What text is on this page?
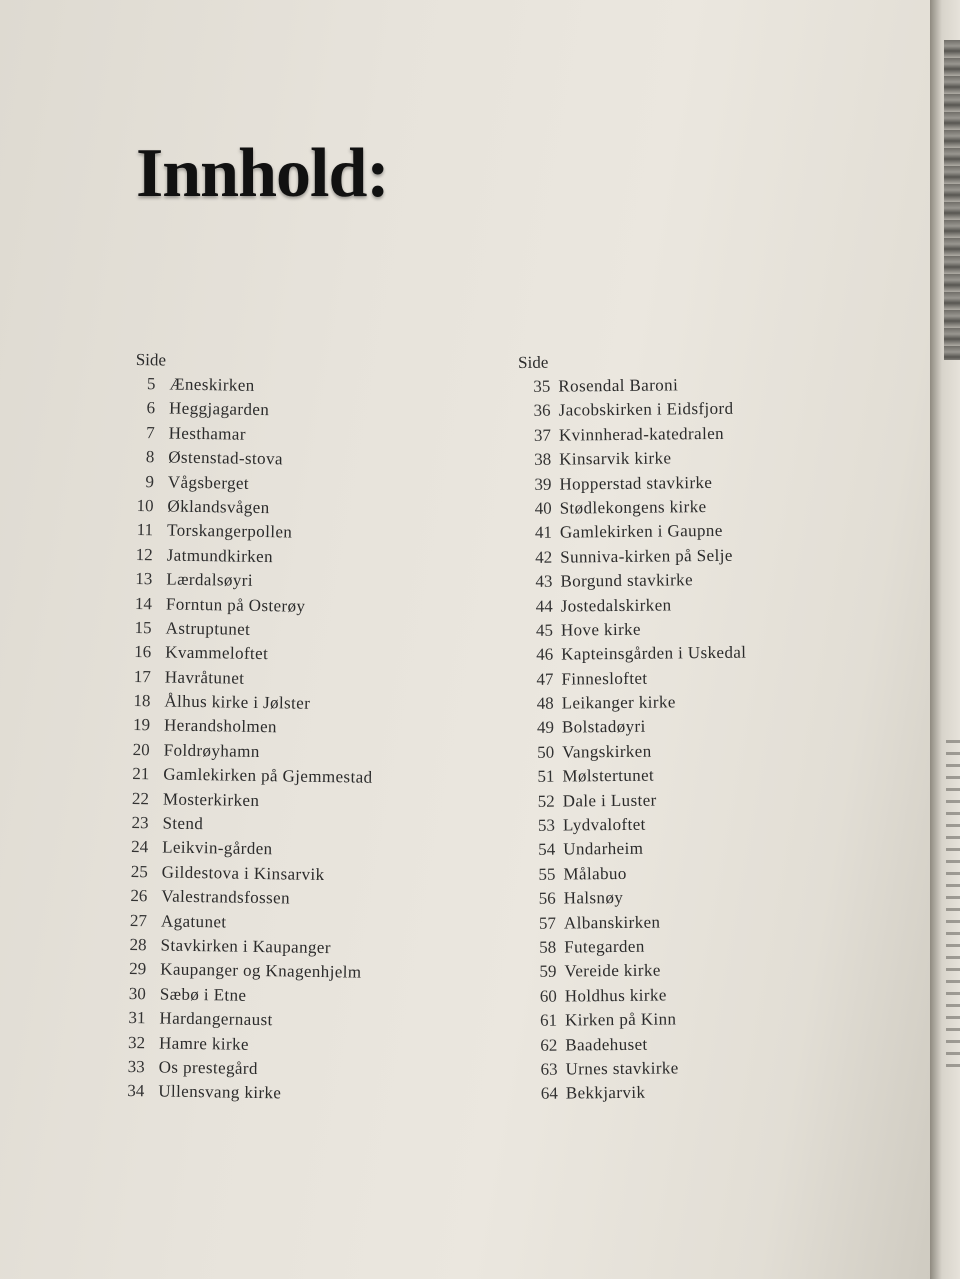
Innhold:
Side
5 Æneskirken
6 Heggjagarden
7 Hesthamar
8 Østenstad-stova
9 Vågsberget
10 Øklandsvågen
11 Torskangerpollen
12 Jatmundkirken
13 Lærdalsøyri
14 Forntun på Osterøy
15 Astruptunet
16 Kvammeloftet
17 Havråtunet
18 Ålhus kirke i Jølster
19 Herandsholmen
20 Foldrøyhamn
21 Gamlekirken på Gjemmestad
22 Mosterkirken
23 Stend
24 Leikvin-gården
25 Gildestova i Kinsarvik
26 Valestrandsfossen
27 Agatunet
28 Stavkirken i Kaupanger
29 Kaupanger og Knagenhjelm
30 Sæbø i Etne
31 Hardangernaust
32 Hamre kirke
33 Os prestegård
34 Ullensvang kirke
Side
35 Rosendal Baroni
36 Jacobskirken i Eidsfjord
37 Kvinnherad-katedralen
38 Kinsarvik kirke
39 Hopperstad stavkirke
40 Stødlekongens kirke
41 Gamlekirken i Gaupne
42 Sunniva-kirken på Selje
43 Borgund stavkirke
44 Jostedalskirken
45 Hove kirke
46 Kapteinsgården i Uskedal
47 Finnesloftet
48 Leikanger kirke
49 Bolstadøyri
50 Vangskirken
51 Mølstertunet
52 Dale i Luster
53 Lydvaloftet
54 Undarheim
55 Målabuo
56 Halsnøy
57 Albanskirken
58 Futegarden
59 Vereide kirke
60 Holdhus kirke
61 Kirken på Kinn
62 Baadehuset
63 Urnes stavkirke
64 Bekkjarvik
